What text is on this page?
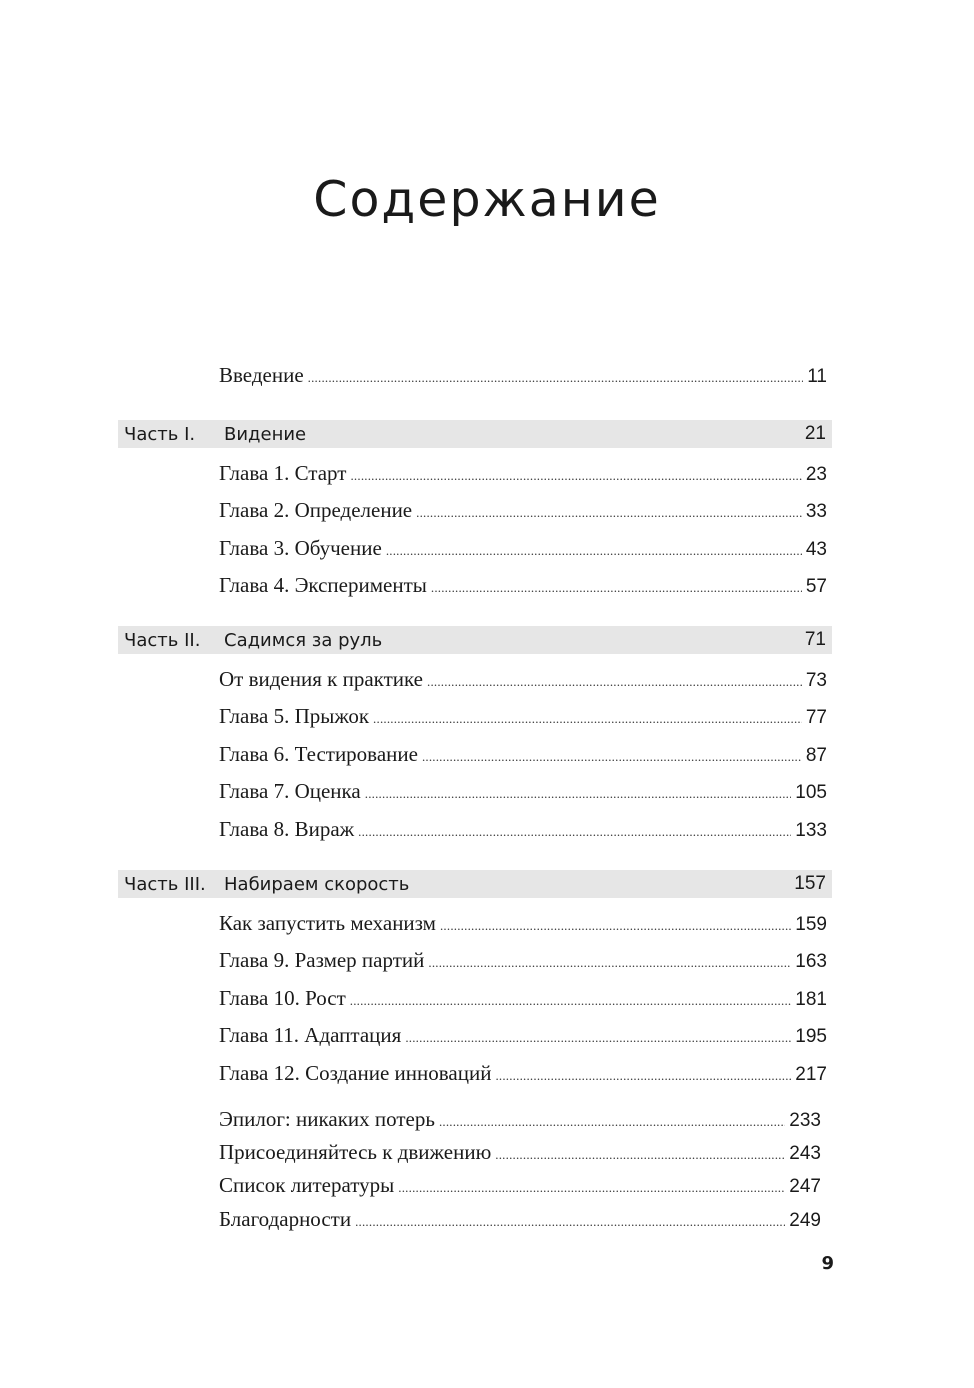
Содержание
Введение .....	11
Часть I.	Видение	21
Глава 1. Старт .....	23
Глава 2. Определение .....	33
Глава 3. Обучение .....	43
Глава 4. Эксперименты .....	57
Часть II.	Садимся за руль	71
От видения к практике .....	73
Глава 5. Прыжок .....	77
Глава 6. Тестирование .....	87
Глава 7. Оценка .....	105
Глава 8. Вираж .....	133
Часть III.	Набираем скорость	157
Как запустить механизм .....	159
Глава 9. Размер партий .....	163
Глава 10. Рост .....	181
Глава 11. Адаптация .....	195
Глава 12. Создание инноваций .....	217
Эпилог: никаких потерь .....	233
Присоединяйтесь к движению .....	243
Список литературы .....	247
Благодарности .....	249
9
